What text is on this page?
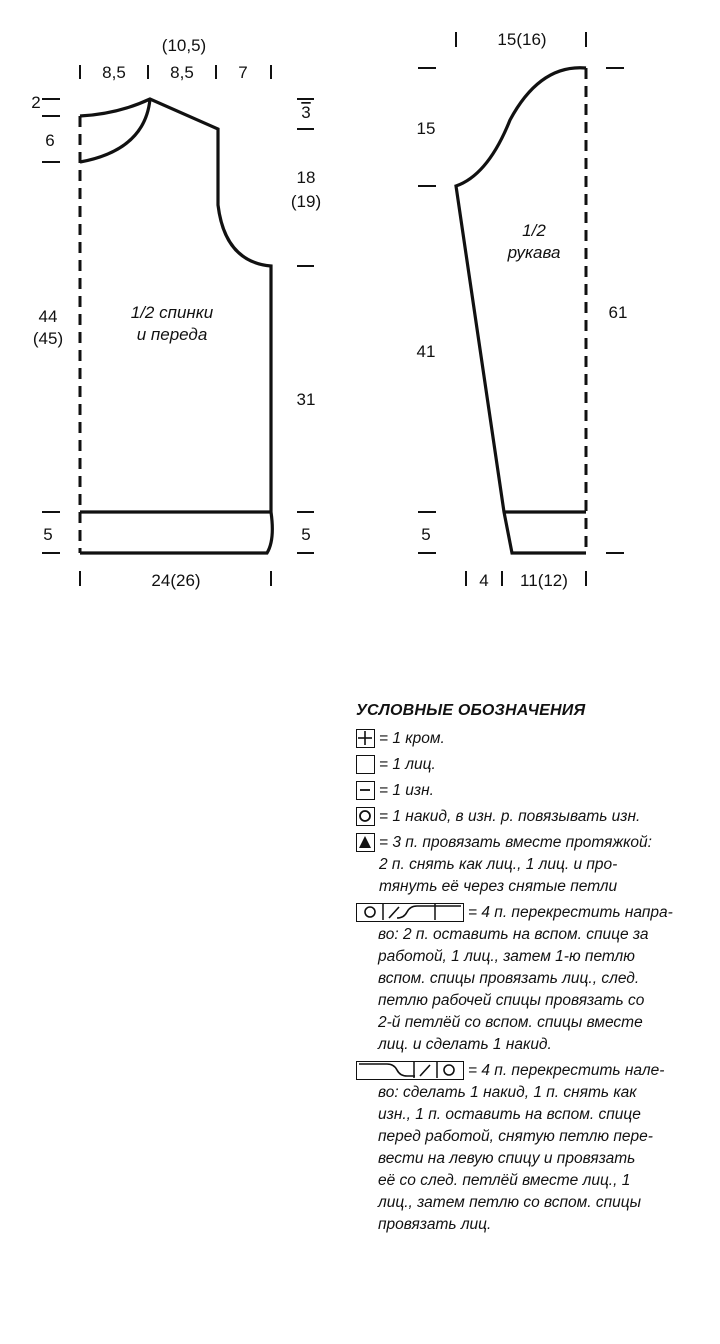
(10,5)
8,5	8,5	7
2
6
44
(45)
5
3
18
(19)
31
5
24(26)
1/2 спинки
и переда
15(16)
15
41
5
61
4 11(12)
1/2
рукава
УСЛОВНЫЕ ОБОЗНАЧЕНИЯ
= 1 кром.
= 1 лиц.
= 1 изн.
= 1 накид, в изн. р. повязывать изн.

= 3 п. провязать вместе протяжкой:

2 п. снять как лиц., 1 лиц. и про-

тянуть её через снятые петли

= 4 п. перекрестить напра-

во: 2 п. оставить на вспом. спице за

работой, 1 лиц., затем 1-ю петлю

вспом. спицы провязать лиц., след.

петлю рабочей спицы провязать со

2-й петлёй со вспом. спицы вместе

лиц. и сделать 1 накид.

= 4 п. перекрестить нале-

во: сделать 1 накид, 1 п. снять как

изн., 1 п. оставить на вспом. спице

перед работой, снятую петлю пере-

вести на левую спицу и провязать

её со след. петлёй вместе лиц., 1

лиц., затем петлю со вспом. спицы

провязать лиц.
